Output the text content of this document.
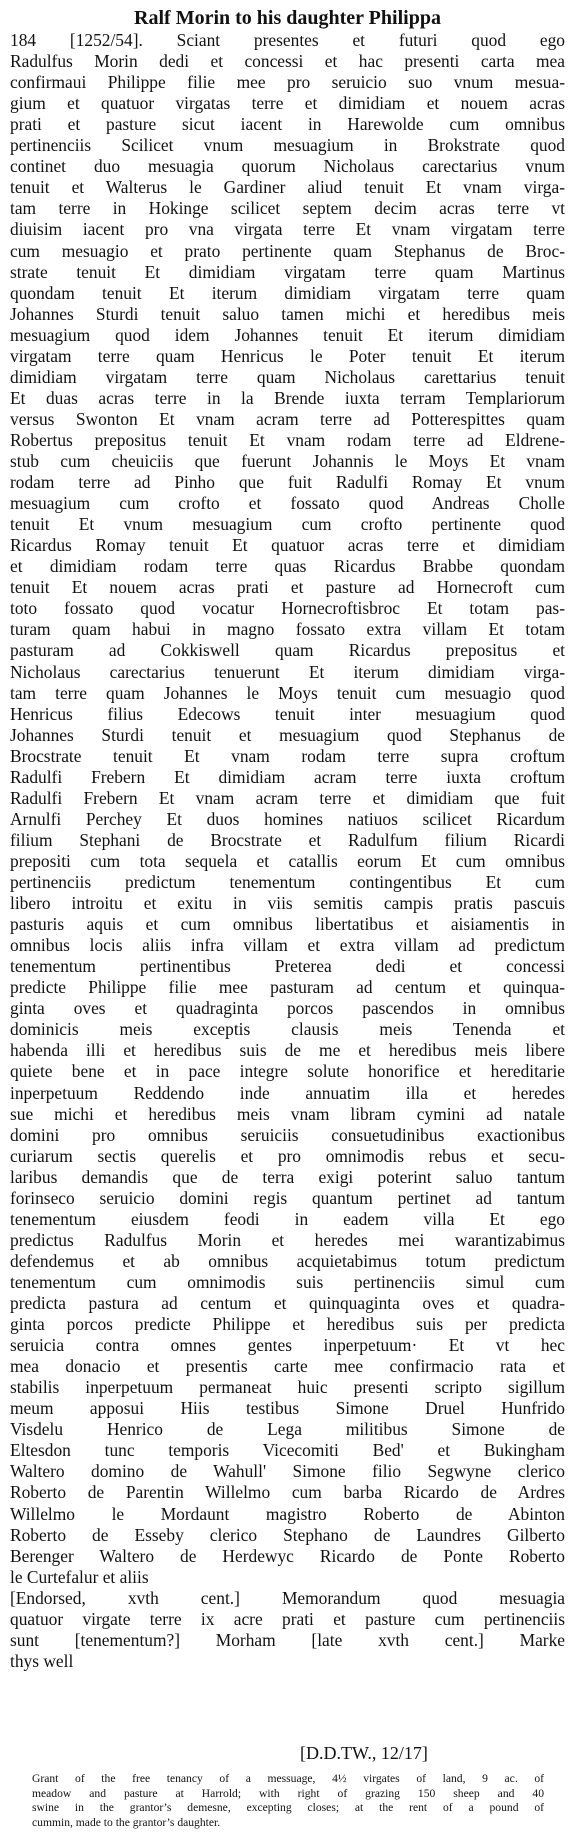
Ralf Morin to his daughter Philippa

184 [1252/54]. Sciant presentes et futuri quod ego

Radulfus Morin dedi et concessi et hac presenti carta mea

confirmaui Philippe filie mee pro seruicio suo vnum mesua-

gium et quatuor virgatas terre et dimidiam et nouem acras

prati et pasture sicut iacent in Harewolde cum omnibus

pertinenciis Scilicet vnum mesuagium in Brokstrate quod

continet duo mesuagia quorum Nicholaus carectarius vnum

tenuit et Walterus le Gardiner aliud tenuit Et vnam virga-

tam terre in Hokinge scilicet septem decim acras terre vt

diuisim iacent pro vna virgata terre Et vnam virgatam terre

cum mesuagio et prato pertinente quam Stephanus de Broc-

strate tenuit Et dimidiam virgatam terre quam Martinus

quondam tenuit Et iterum dimidiam virgatam terre quam

Johannes Sturdi tenuit saluo tamen michi et heredibus meis

mesuagium quod idem Johannes tenuit Et iterum dimidiam

virgatam terre quam Henricus le Poter tenuit Et iterum

dimidiam virgatam terre quam Nicholaus carettarius tenuit

Et duas acras terre in la Brende iuxta terram Templariorum

versus Swonton Et vnam acram terre ad Potterespittes quam

Robertus prepositus tenuit Et vnam rodam terre ad Eldrene-

stub cum cheuiciis que fuerunt Johannis le Moys Et vnam

rodam terre ad Pinho que fuit Radulfi Romay Et vnum

mesuagium cum crofto et fossato quod Andreas Cholle

tenuit Et vnum mesuagium cum crofto pertinente quod

Ricardus Romay tenuit Et quatuor acras terre et dimidiam

et dimidiam rodam terre quas Ricardus Brabbe quondam

tenuit Et nouem acras prati et pasture ad Hornecroft cum

toto fossato quod vocatur Hornecroftisbroc Et totam pas-

turam quam habui in magno fossato extra villam Et totam

pasturam ad Cokkiswell quam Ricardus prepositus et

Nicholaus carectarius tenuerunt Et iterum dimidiam virga-

tam terre quam Johannes le Moys tenuit cum mesuagio quod

Henricus filius Edecows tenuit inter mesuagium quod

Johannes Sturdi tenuit et mesuagium quod Stephanus de

Brocstrate tenuit Et vnam rodam terre supra croftum

Radulfi Frebern Et dimidiam acram terre iuxta croftum

Radulfi Frebern Et vnam acram terre et dimidiam que fuit

Arnulfi Perchey Et duos homines natiuos scilicet Ricardum

filium Stephani de Brocstrate et Radulfum filium Ricardi

prepositi cum tota sequela et catallis eorum Et cum omnibus

pertinenciis predictum tenementum contingentibus Et cum

libero introitu et exitu in viis semitis campis pratis pascuis

pasturis aquis et cum omnibus libertatibus et aisiamentis in

omnibus locis aliis infra villam et extra villam ad predictum

tenementum pertinentibus Preterea dedi et concessi

predicte Philippe filie mee pasturam ad centum et quinqua-

ginta oves et quadraginta porcos pascendos in omnibus

dominicis meis exceptis clausis meis Tenenda et

habenda illi et heredibus suis de me et heredibus meis libere

quiete bene et in pace integre solute honorifice et hereditarie

inperpetuum Reddendo inde annuatim illa et heredes

sue michi et heredibus meis vnam libram cymini ad natale

domini pro omnibus seruiciis consuetudinibus exactionibus

curiarum sectis querelis et pro omnimodis rebus et secu-

laribus demandis que de terra exigi poterint saluo tantum

forinseco seruicio domini regis quantum pertinet ad tantum

tenementum eiusdem feodi in eadem villa Et ego

predictus Radulfus Morin et heredes mei warantizabimus

defendemus et ab omnibus acquietabimus totum predictum

tenementum cum omnimodis suis pertinenciis simul cum

predicta pastura ad centum et quinquaginta oves et quadra-

ginta porcos predicte Philippe et heredibus suis per predicta

seruicia contra omnes gentes inperpetuum· Et vt hec

mea donacio et presentis carte mee confirmacio rata et

stabilis inperpetuum permaneat huic presenti scripto sigillum

meum apposui Hiis testibus Simone Druel Hunfrido

Visdelu Henrico de Lega militibus Simone de

Eltesdon tunc temporis Vicecomiti Bed' et Bukingham

Waltero domino de Wahull' Simone filio Segwyne clerico

Roberto de Parentin Willelmo cum barba Ricardo de Ardres

Willelmo le Mordaunt magistro Roberto de Abinton

Roberto de Esseby clerico Stephano de Laundres Gilberto

Berenger Waltero de Herdewyc Ricardo de Ponte Roberto

le Curtefalur et aliis

[Endorsed, xvth cent.] Memorandum quod mesuagia

quatuor virgate terre ix acre prati et pasture cum pertinenciis

sunt [tenementum?] Morham [late xvth cent.] Marke

thys well

[D.D.TW., 12/17]

Grant of the free tenancy of a messuage, 4½ virgates of land, 9 ac. of

meadow and pasture at Harrold; with right of grazing 150 sheep and 40

swine in the grantor’s demesne, excepting closes; at the rent of a pound of

cummin, made to the grantor’s daughter.
